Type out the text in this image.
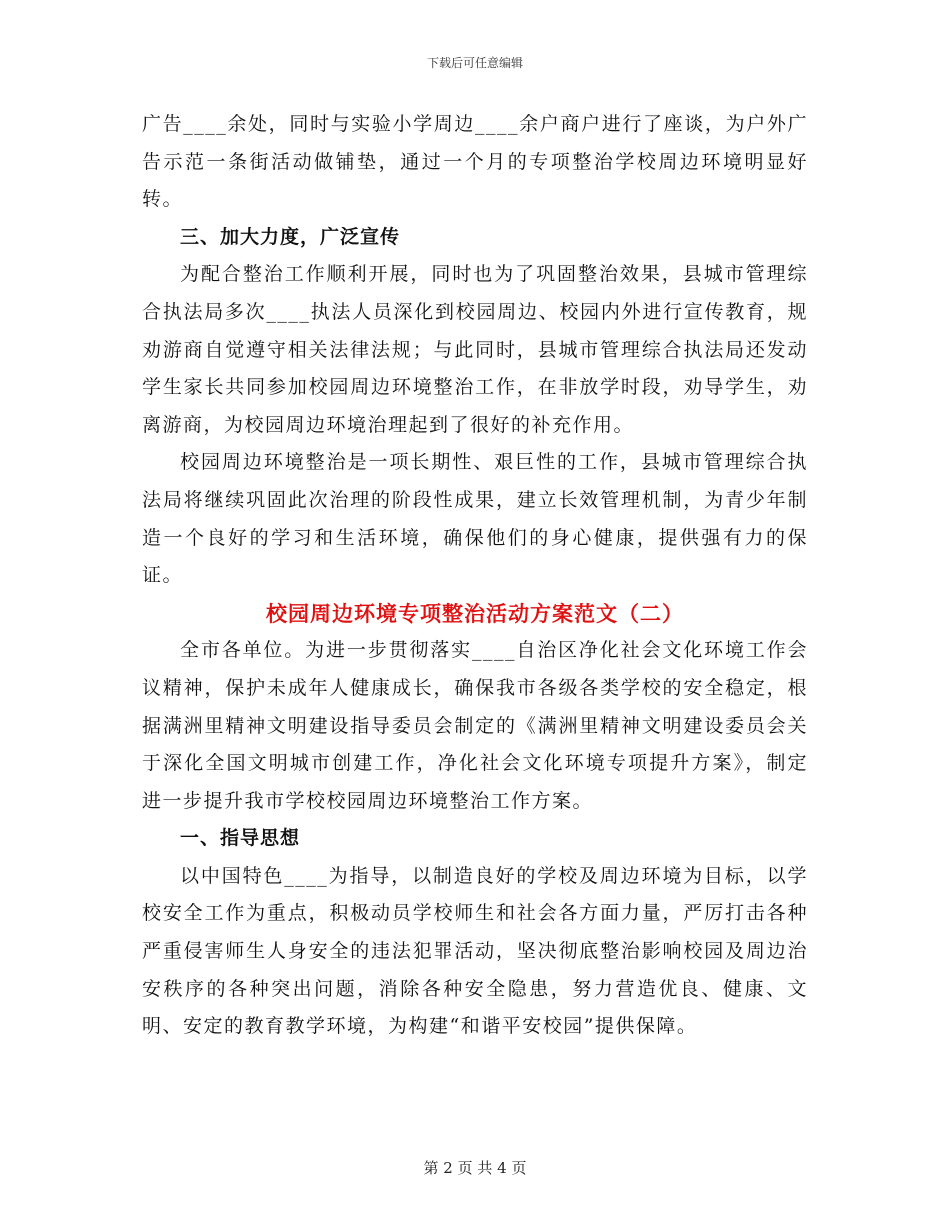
下载后可任意编辑

广告____余处，同时与实验小学周边____余户商户进行了座谈，为户外广告示范一条街活动做铺垫，通过一个月的专项整治学校周边环境明显好转。

三、加大力度，广泛宣传

为配合整治工作顺利开展，同时也为了巩固整治效果，县城市管理综合执法局多次____执法人员深化到校园周边、校园内外进行宣传教育，规劝游商自觉遵守相关法律法规；与此同时，县城市管理综合执法局还发动学生家长共同参加校园周边环境整治工作，在非放学时段，劝导学生，劝离游商，为校园周边环境治理起到了很好的补充作用。

校园周边环境整治是一项长期性、艰巨性的工作，县城市管理综合执法局将继续巩固此次治理的阶段性成果，建立长效管理机制，为青少年制造一个良好的学习和生活环境，确保他们的身心健康，提供强有力的保证。

校园周边环境专项整治活动方案范文（二）

全市各单位。为进一步贯彻落实____自治区净化社会文化环境工作会议精神，保护未成年人健康成长，确保我市各级各类学校的安全稳定，根据满洲里精神文明建设指导委员会制定的《满洲里精神文明建设委员会关于深化全国文明城市创建工作，净化社会文化环境专项提升方案》，制定进一步提升我市学校校园周边环境整治工作方案。

一、指导思想

以中国特色____为指导，以制造良好的学校及周边环境为目标，以学校安全工作为重点，积极动员学校师生和社会各方面力量，严厉打击各种严重侵害师生人身安全的违法犯罪活动，坚决彻底整治影响校园及周边治安秩序的各种突出问题，消除各种安全隐患，努力营造优良、健康、文明、安定的教育教学环境，为构建“和谐平安校园”提供保障。

第 2 页 共 4 页
